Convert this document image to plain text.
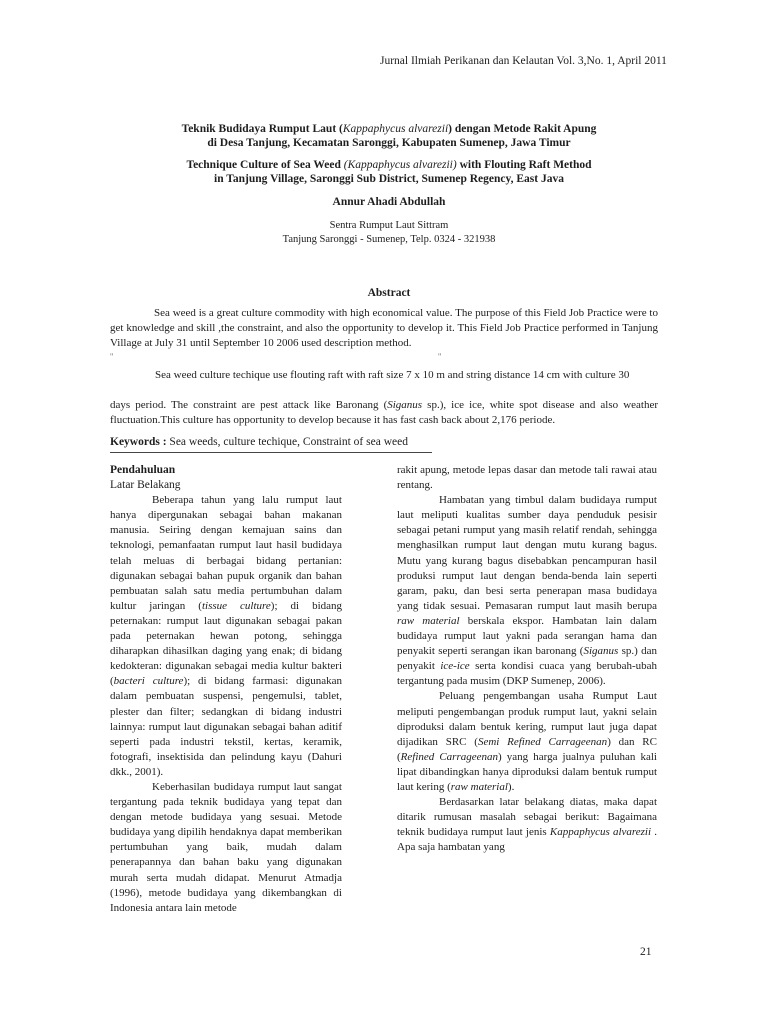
Jurnal Ilmiah Perikanan dan Kelautan Vol. 3,No. 1, April 2011

Teknik Budidaya Rumput Laut (Kappaphycus alvarezii) dengan Metode Rakit Apung
di Desa Tanjung, Kecamatan Saronggi, Kabupaten Sumenep, Jawa Timur

Technique Culture of Sea Weed (Kappaphycus alvarezii) with Flouting Raft Method
in Tanjung Village, Saronggi Sub District, Sumenep Regency, East Java

Annur Ahadi Abdullah

Sentra Rumput Laut Sittram
Tanjung Saronggi - Sumenep, Telp. 0324 - 321938

Abstract

Sea weed is a great culture commodity with high economical value. The purpose of this Field Job Practice were to get knowledge and skill ,the constraint, and also the opportunity to develop it. This Field Job Practice performed in Tanjung Village at July 31 until September 10 2006 used description method.

"	"

Sea weed culture techique use flouting raft with raft size 7 x 10 m and string distance 14 cm with culture 30

days period. The constraint are pest attack like Baronang (Siganus sp.), ice ice, white spot disease and also weather fluctuation.This culture has opportunity to develop because it has fast cash back about 2,176 periode.

Keywords : Sea weeds, culture techique, Constraint of sea weed

Pendahuluan

Latar Belakang

Beberapa tahun yang lalu rumput laut hanya dipergunakan sebagai bahan makanan manusia. Seiring dengan kemajuan sains dan teknologi, pemanfaatan rumput laut hasil budidaya telah meluas di berbagai bidang pertanian: digunakan sebagai bahan pupuk organik dan bahan pembuatan salah satu media pertumbuhan dalam kultur jaringan (tissue culture); di bidang peternakan: rumput laut digunakan sebagai pakan pada peternakan hewan potong, sehingga diharapkan dihasilkan daging yang enak; di bidang kedokteran: digunakan sebagai media kultur bakteri (bacteri culture); di bidang farmasi: digunakan dalam pembuatan suspensi, pengemulsi, tablet, plester dan filter; sedangkan di bidang industri lainnya: rumput laut digunakan sebagai bahan aditif seperti pada industri tekstil, kertas, keramik, fotografi, insektisida dan pelindung kayu (Dahuri dkk., 2001).

Keberhasilan budidaya rumput laut sangat tergantung pada teknik budidaya yang tepat dan dengan metode budidaya yang sesuai. Metode budidaya yang dipilih hendaknya dapat memberikan pertumbuhan yang baik, mudah dalam penerapannya dan bahan baku yang digunakan murah serta mudah didapat. Menurut Atmadja (1996), metode budidaya yang dikembangkan di Indonesia antara lain metode

rakit apung, metode lepas dasar dan metode tali rawai atau rentang.

Hambatan yang timbul dalam budidaya rumput laut meliputi kualitas sumber daya penduduk pesisir sebagai petani rumput yang masih relatif rendah, sehingga menghasilkan rumput laut dengan mutu kurang bagus. Mutu yang kurang bagus disebabkan pencampuran hasil produksi rumput laut dengan benda-benda lain seperti garam, paku, dan besi serta penerapan masa budidaya yang tidak sesuai. Pemasaran rumput laut masih berupa raw material berskala ekspor. Hambatan lain dalam budidaya rumput laut yakni pada serangan hama dan penyakit seperti serangan ikan baronang (Siganus sp.) dan penyakit ice-ice serta kondisi cuaca yang berubah-ubah tergantung pada musim (DKP Sumenep, 2006).

Peluang pengembangan usaha Rumput Laut meliputi pengembangan produk rumput laut, yakni selain diproduksi dalam bentuk kering, rumput laut juga dapat dijadikan SRC (Semi Refined Carrageenan) dan RC (Refined Carrageenan) yang harga jualnya puluhan kali lipat dibandingkan hanya diproduksi dalam bentuk rumput laut kering (raw material).

Berdasarkan latar belakang diatas, maka dapat ditarik rumusan masalah sebagai berikut: Bagaimana teknik budidaya rumput laut jenis Kappaphycus alvarezii . Apa saja hambatan yang

21
